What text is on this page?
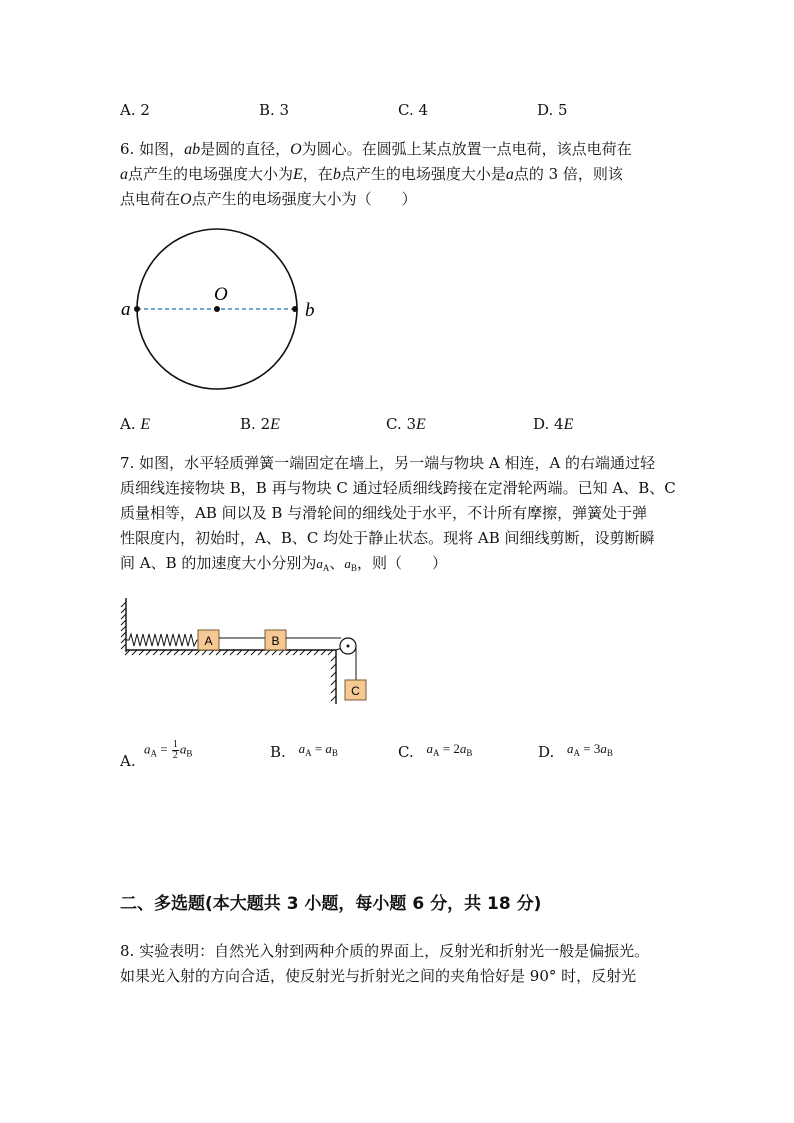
A. 2	B. 3	C. 4	D. 5
6. 如图，ab是圆的直径，O为圆心。在圆弧上某点放置一点电荷，该点电荷在
a点产生的电场强度大小为E，在b点产生的电场强度大小是a点的 3 倍，则该
点电荷在O点产生的电场强度大小为（　　）
a
O
b
A. E	B. 2E	C. 3E	D. 4E
7. 如图，水平轻质弹簧一端固定在墙上，另一端与物块 A 相连，A 的右端通过轻
质细线连接物块 B，B 再与物块 C 通过轻质细线跨接在定滑轮两端。已知 A、B、C
质量相等，AB 间以及 B 与滑轮间的细线处于水平，不计所有摩擦，弹簧处于弹
性限度内，初始时，A、B、C 均处于静止状态。现将 AB 间细线剪断，设剪断瞬
间 A、B 的加速度大小分别为$a_A$、$a_B$，则（　　）
A	B
C
A.
$a_A = \frac{1}{2} a_B$	B. $a_A = a_B$	C. $a_A = 2a_B$	D. $a_A = 3a_B$
二、多选题(本大题共 3 小题，每小题 6 分，共 18 分)
8. 实验表明：自然光入射到两种介质的界面上，反射光和折射光一般是偏振光。
如果光入射的方向合适，使反射光与折射光之间的夹角恰好是 90° 时，反射光
